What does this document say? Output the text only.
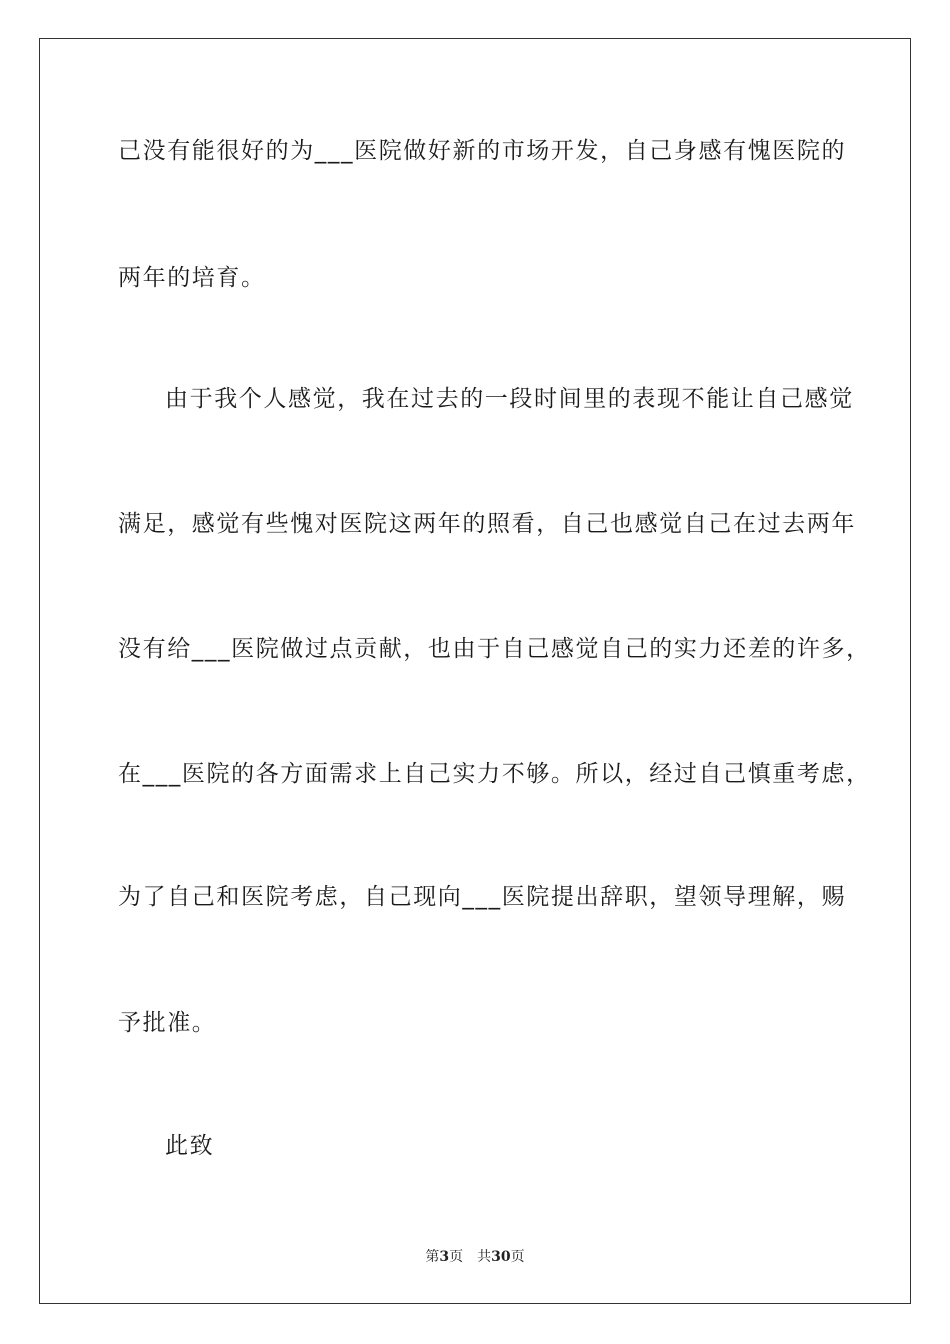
己没有能很好的为___医院做好新的市场开发，自己身感有愧医院的
两年的培育。
由于我个人感觉，我在过去的一段时间里的表现不能让自己感觉
满足，感觉有些愧对医院这两年的照看，自己也感觉自己在过去两年
没有给___医院做过点贡献，也由于自己感觉自己的实力还差的许多，
在___医院的各方面需求上自己实力不够。所以，经过自己慎重考虑，
为了自己和医院考虑，自己现向___医院提出辞职，望领导理解，赐
予批准。
此致
第3页 共30页
